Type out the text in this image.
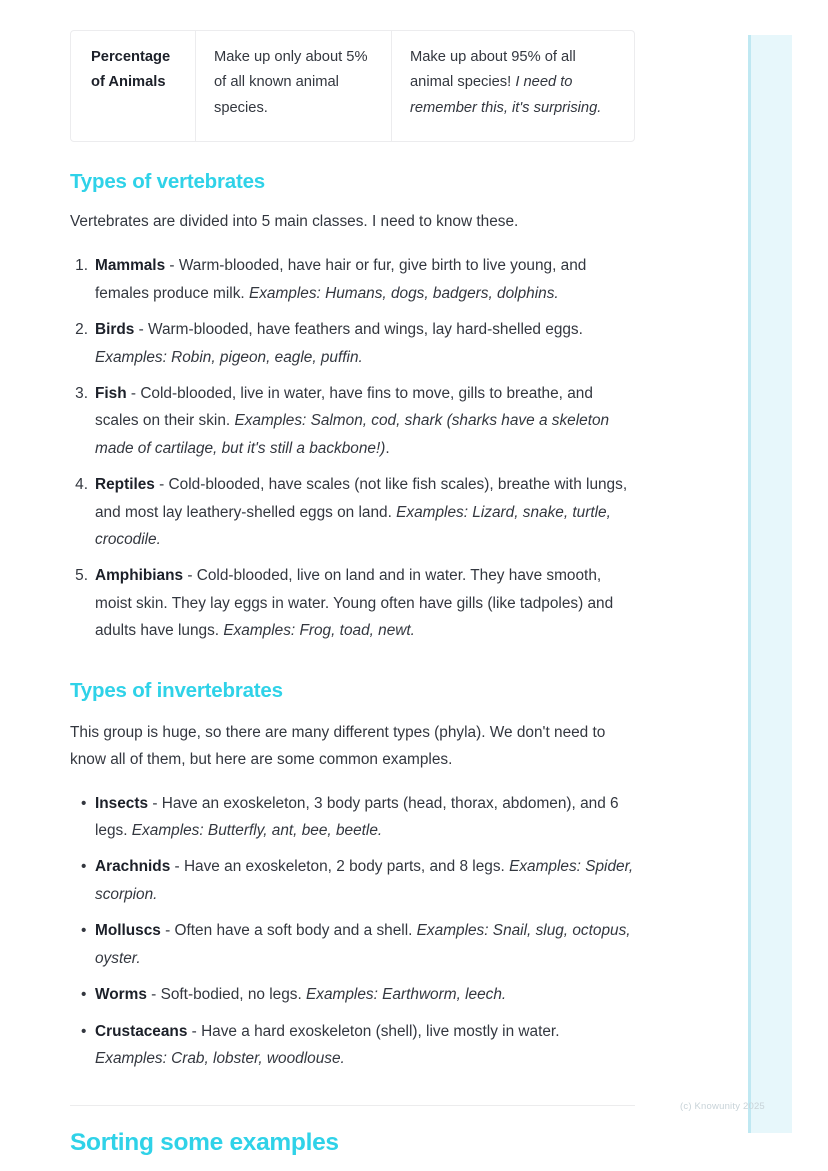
Percentage of Animals
Make up only about 5% of all known animal species.
Make up about 95% of all animal species! I need to remember this, it's surprising.
Types of vertebrates

Vertebrates are divided into 5 main classes. I need to know these.

1. Mammals - Warm-blooded, have hair or fur, give birth to live young, and females produce milk. Examples: Humans, dogs, badgers, dolphins.
2. Birds - Warm-blooded, have feathers and wings, lay hard-shelled eggs. Examples: Robin, pigeon, eagle, puffin.
3. Fish - Cold-blooded, live in water, have fins to move, gills to breathe, and scales on their skin. Examples: Salmon, cod, shark (sharks have a skeleton made of cartilage, but it's still a backbone!).
4. Reptiles - Cold-blooded, have scales (not like fish scales), breathe with lungs, and most lay leathery-shelled eggs on land. Examples: Lizard, snake, turtle, crocodile.
5. Amphibians - Cold-blooded, live on land and in water. They have smooth, moist skin. They lay eggs in water. Young often have gills (like tadpoles) and adults have lungs. Examples: Frog, toad, newt.
Types of invertebrates

This group is huge, so there are many different types (phyla). We don't need to know all of them, but here are some common examples.

• Insects - Have an exoskeleton, 3 body parts (head, thorax, abdomen), and 6 legs. Examples: Butterfly, ant, bee, beetle.
• Arachnids - Have an exoskeleton, 2 body parts, and 8 legs. Examples: Spider, scorpion.
• Molluscs - Often have a soft body and a shell. Examples: Snail, slug, octopus, oyster.
• Worms - Soft-bodied, no legs. Examples: Earthworm, leech.
• Crustaceans - Have a hard exoskeleton (shell), live mostly in water. Examples: Crab, lobster, woodlouse.
Sorting some examples
(c) Knowunity 2025
